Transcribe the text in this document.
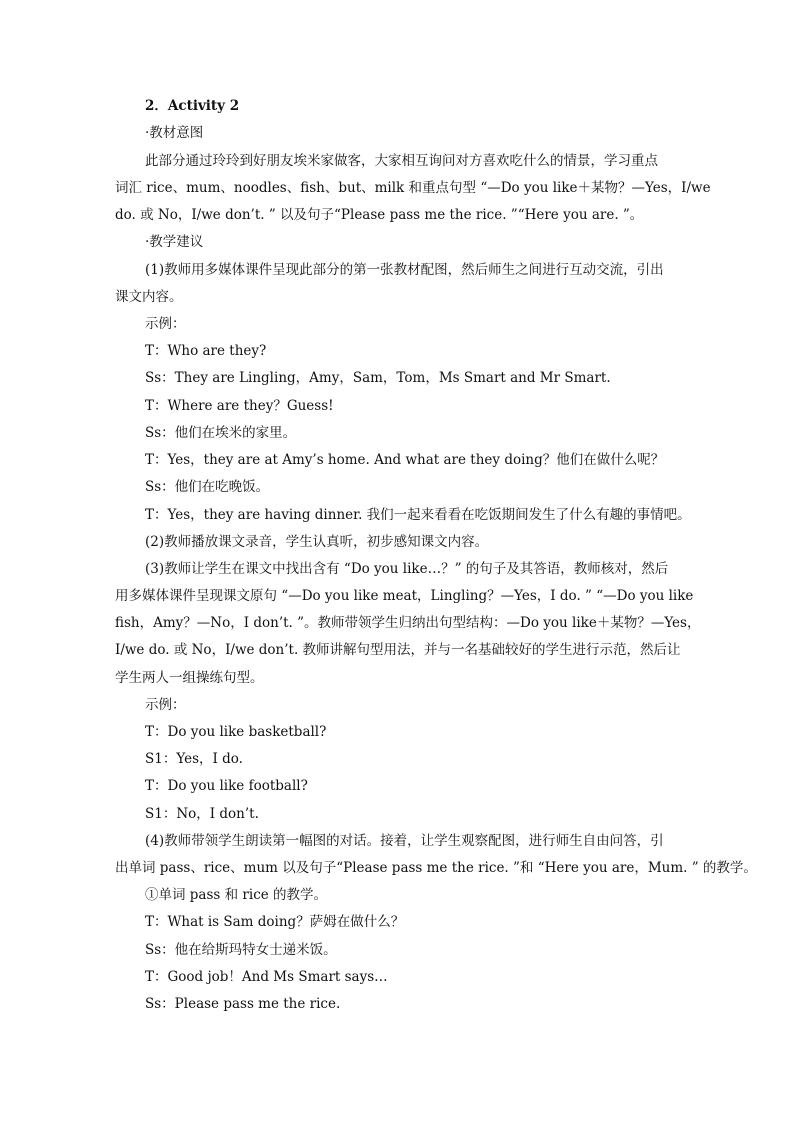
2．Activity 2
·教材意图
此部分通过玲玲到好朋友埃米家做客，大家相互询问对方喜欢吃什么的情景，学习重点
词汇 rice、mum、noodles、fish、but、milk 和重点句型 “—Do you like＋某物？—Yes，I/we
do. 或 No，I/we don’t. ” 以及句子“Please pass me the rice. ”“Here you are. ”。
·教学建议
(1)教师用多媒体课件呈现此部分的第一张教材配图，然后师生之间进行互动交流，引出
课文内容。
示例：
T：Who are they?
Ss：They are Lingling，Amy，Sam，Tom，Ms Smart and Mr Smart.
T：Where are they？Guess!
Ss：他们在埃米的家里。
T：Yes，they are at Amy’s home. And what are they doing？他们在做什么呢？
Ss：他们在吃晚饭。
T：Yes，they are having dinner. 我们一起来看看在吃饭期间发生了什么有趣的事情吧。
(2)教师播放课文录音，学生认真听，初步感知课文内容。
(3)教师让学生在课文中找出含有 “Do you like…？” 的句子及其答语，教师核对，然后
用多媒体课件呈现课文原句 “—Do you like meat，Lingling？—Yes，I do. ” “—Do you like
fish，Amy？—No，I don’t. ”。教师带领学生归纳出句型结构：—Do you like＋某物？—Yes，
I/we do. 或 No，I/we don’t. 教师讲解句型用法，并与一名基础较好的学生进行示范，然后让
学生两人一组操练句型。
示例：
T：Do you like basketball?
S1：Yes，I do.
T：Do you like football?
S1：No，I don’t.
(4)教师带领学生朗读第一幅图的对话。接着，让学生观察配图，进行师生自由问答，引
出单词 pass、rice、mum 以及句子“Please pass me the rice. ”和 “Here you are，Mum. ” 的教学。
①单词 pass 和 rice 的教学。
T：What is Sam doing？萨姆在做什么？
Ss：他在给斯玛特女士递米饭。
T：Good job！And Ms Smart says…
Ss：Please pass me the rice.
